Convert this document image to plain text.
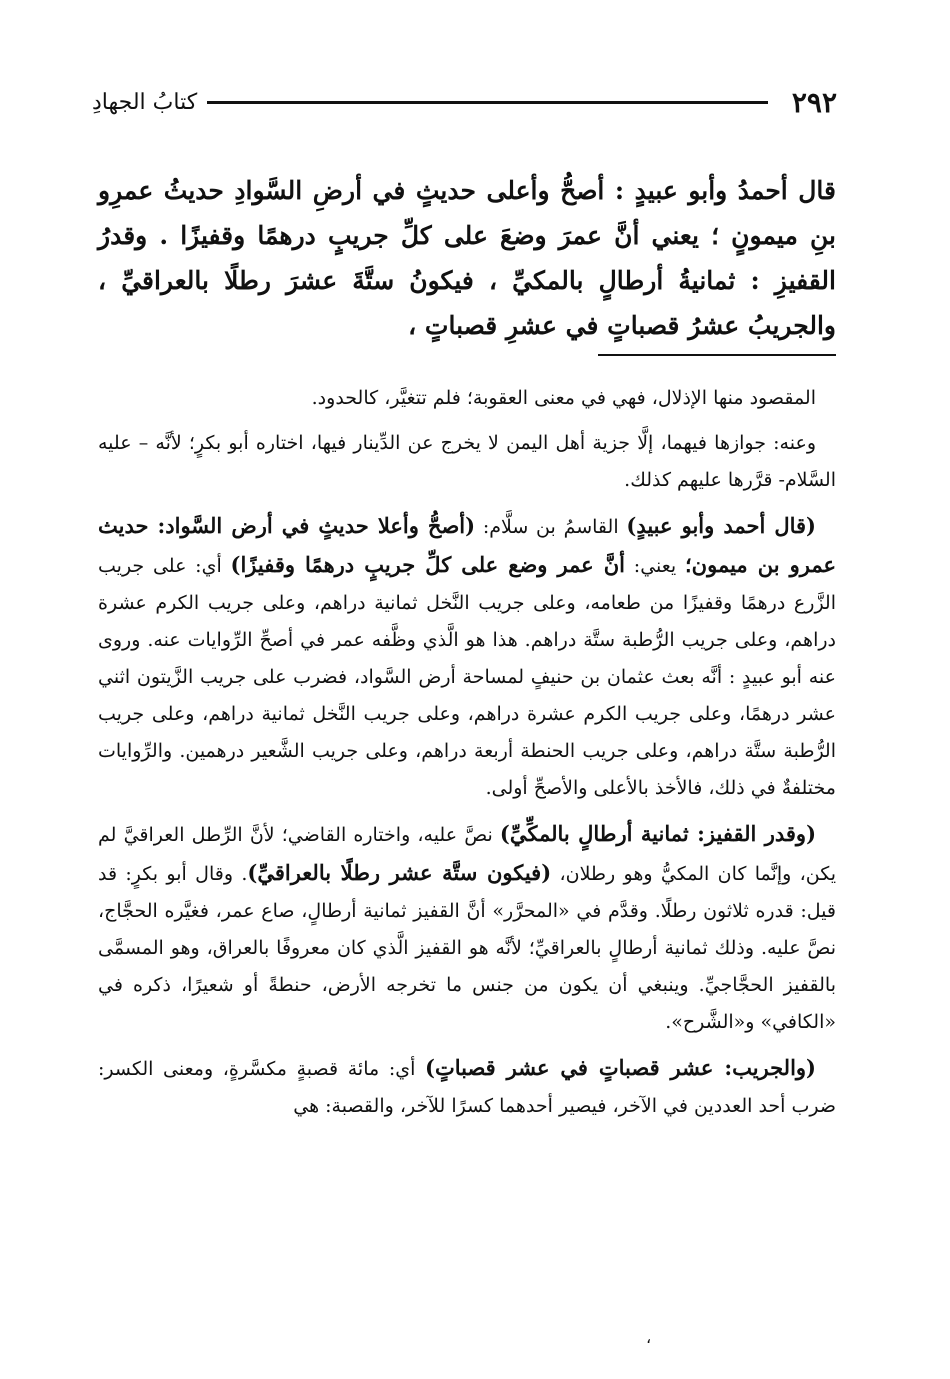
٢٩٢
كتابُ الجهادِ
قال أحمدُ وأبو عبيدٍ : أصحُّ وأعلى حديثٍ في أرضِ السَّوادِ حديثُ عمرِو بنِ ميمونٍ ؛ يعني أنَّ عمرَ وضعَ على كلِّ جريبٍ درهمًا وقفيزًا . وقدرُ القفيزِ : ثمانيةُ أرطالٍ بالمكيِّ ، فيكونُ ستَّةَ عشرَ رطلًا بالعراقيِّ ، والجريبُ عشرُ قصباتٍ في عشرِ قصباتٍ ،

المقصود منها الإذلال، فهي في معنى العقوبة؛ فلم تتغيَّر، كالحدود.

وعنه: جوازها فيهما، إلَّا جزية أهل اليمن لا يخرج عن الدِّينار فيها، اختاره أبو بكرٍ؛ لأنَّه – عليه السَّلام- قرَّرها عليهم كذلك.

(قال أحمد وأبو عبيدٍ) القاسمُ بن سلَّام: (أصحُّ وأعلا حديثٍ في أرض السَّواد: حديث عمرو بن ميمون؛ يعني: أنَّ عمر وضع على كلِّ جريبٍ درهمًا وقفيزًا) أي: على جريب الزَّرع درهمًا وقفيزًا من طعامه، وعلى جريب النَّخل ثمانية دراهم، وعلى جريب الكرم عشرة دراهم، وعلى جريب الرُّطبة ستَّة دراهم. هذا هو الَّذي وظَّفه عمر في أصحِّ الرِّوايات عنه. وروى عنه أبو عبيدٍ : أنَّه بعث عثمان بن حنيفٍ لمساحة أرض السَّواد، فضرب على جريب الزَّيتون اثني عشر درهمًا، وعلى جريب الكرم عشرة دراهم، وعلى جريب النَّخل ثمانية دراهم، وعلى جريب الرُّطبة ستَّة دراهم، وعلى جريب الحنطة أربعة دراهم، وعلى جريب الشَّعير درهمين. والرِّوايات مختلفةٌ في ذلك، فالأخذ بالأعلى والأصحِّ أولى.

(وقدر القفيز: ثمانية أرطالٍ بالمكِّيِّ) نصَّ عليه، واختاره القاضي؛ لأنَّ الرِّطل العراقيَّ لم يكن، وإنَّما كان المكيُّ وهو رطلان، (فيكون ستَّة عشر رطلًا بالعراقيِّ). وقال أبو بكرٍ: قد قيل: قدره ثلاثون رطلًا. وقدَّم في «المحرَّر» أنَّ القفيز ثمانية أرطالٍ، صاع عمر، فغيَّره الحجَّاج، نصَّ عليه. وذلك ثمانية أرطالٍ بالعراقيِّ؛ لأنَّه هو القفيز الَّذي كان معروفًا بالعراق، وهو المسمَّى بالقفيز الحجَّاجيِّ. وينبغي أن يكون من جنس ما تخرجه الأرض، حنطةً أو شعيرًا، ذكره في «الكافي» و«الشَّرح».

(والجريب: عشر قصباتٍ في عشر قصباتٍ) أي: مائة قصبةٍ مكسَّرةٍ، ومعنى الكسر: ضرب أحد العددين في الآخر، فيصير أحدهما كسرًا للآخر، والقصبة: هي

،
